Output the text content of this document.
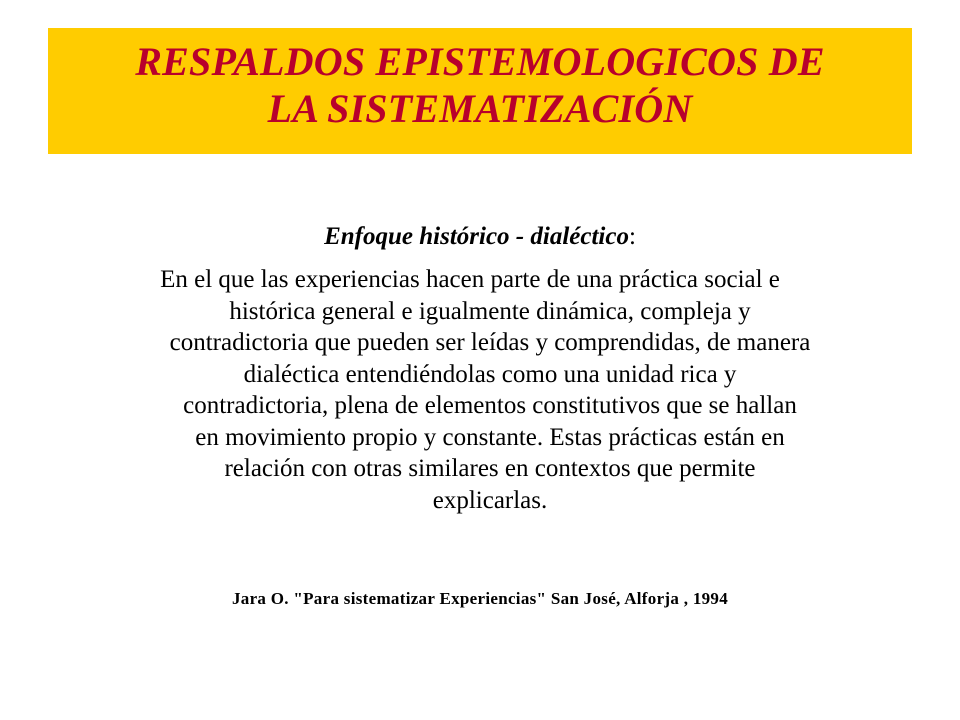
RESPALDOS EPISTEMOLOGICOS DE
LA SISTEMATIZACIÓN
Enfoque histórico - dialéctico:
En el que las experiencias hacen parte de una práctica social e
histórica general e igualmente dinámica, compleja y
contradictoria que pueden ser leídas y comprendidas, de manera
dialéctica entendiéndolas como una unidad rica y
contradictoria, plena de elementos constitutivos que se hallan
en movimiento propio y constante. Estas prácticas están en
relación con otras similares en contextos que permite
explicarlas.
Jara O. "Para sistematizar Experiencias" San José, Alforja , 1994
